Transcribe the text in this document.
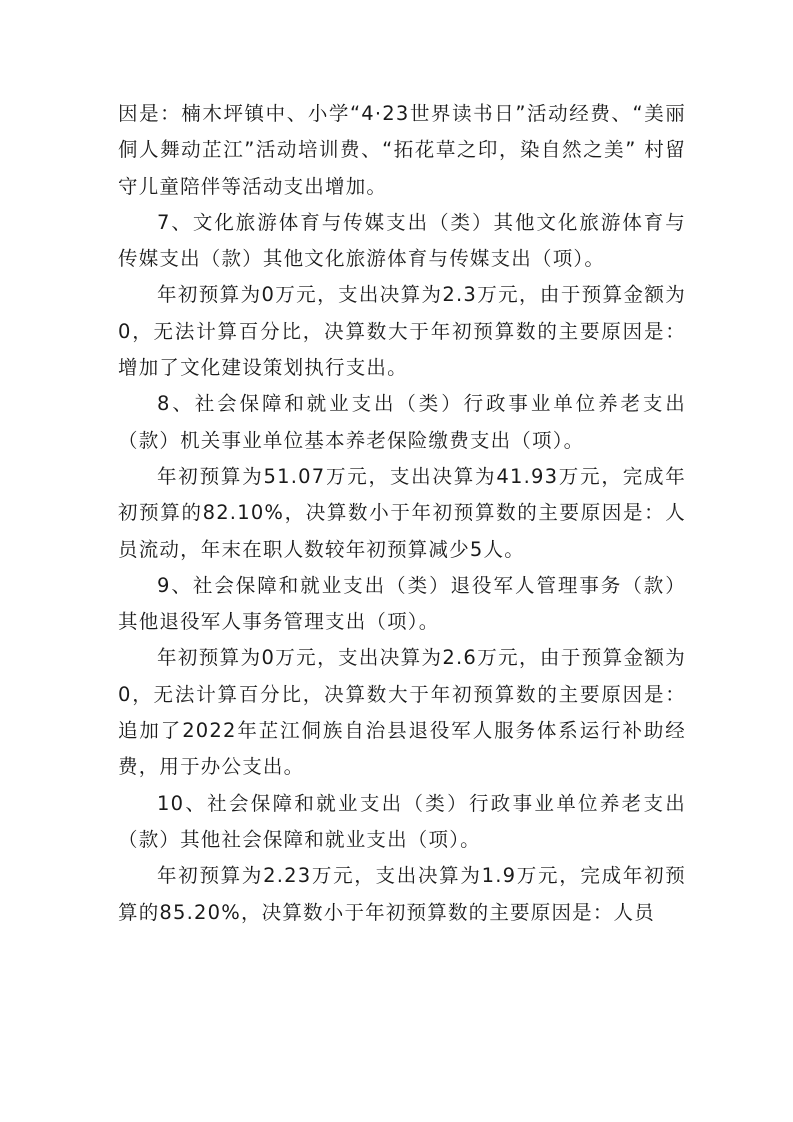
因是：楠木坪镇中、小学“4·23世界读书日”活动经费、“美丽侗人舞动芷江”活动培训费、“拓花草之印，染自然之美” 村留守儿童陪伴等活动支出增加。

7、文化旅游体育与传媒支出（类）其他文化旅游体育与传媒支出（款）其他文化旅游体育与传媒支出（项）。

年初预算为0万元，支出决算为2.3万元，由于预算金额为0，无法计算百分比，决算数大于年初预算数的主要原因是：增加了文化建设策划执行支出。

8、社会保障和就业支出（类）行政事业单位养老支出（款）机关事业单位基本养老保险缴费支出（项）。

年初预算为51.07万元，支出决算为41.93万元，完成年初预算的82.10%，决算数小于年初预算数的主要原因是：人员流动，年末在职人数较年初预算减少5人。

9、社会保障和就业支出（类）退役军人管理事务（款）其他退役军人事务管理支出（项）。

年初预算为0万元，支出决算为2.6万元，由于预算金额为0，无法计算百分比，决算数大于年初预算数的主要原因是：追加了2022年芷江侗族自治县退役军人服务体系运行补助经费，用于办公支出。

10、社会保障和就业支出（类）行政事业单位养老支出（款）其他社会保障和就业支出（项）。

年初预算为2.23万元，支出决算为1.9万元，完成年初预算的85.20%，决算数小于年初预算数的主要原因是：人员
